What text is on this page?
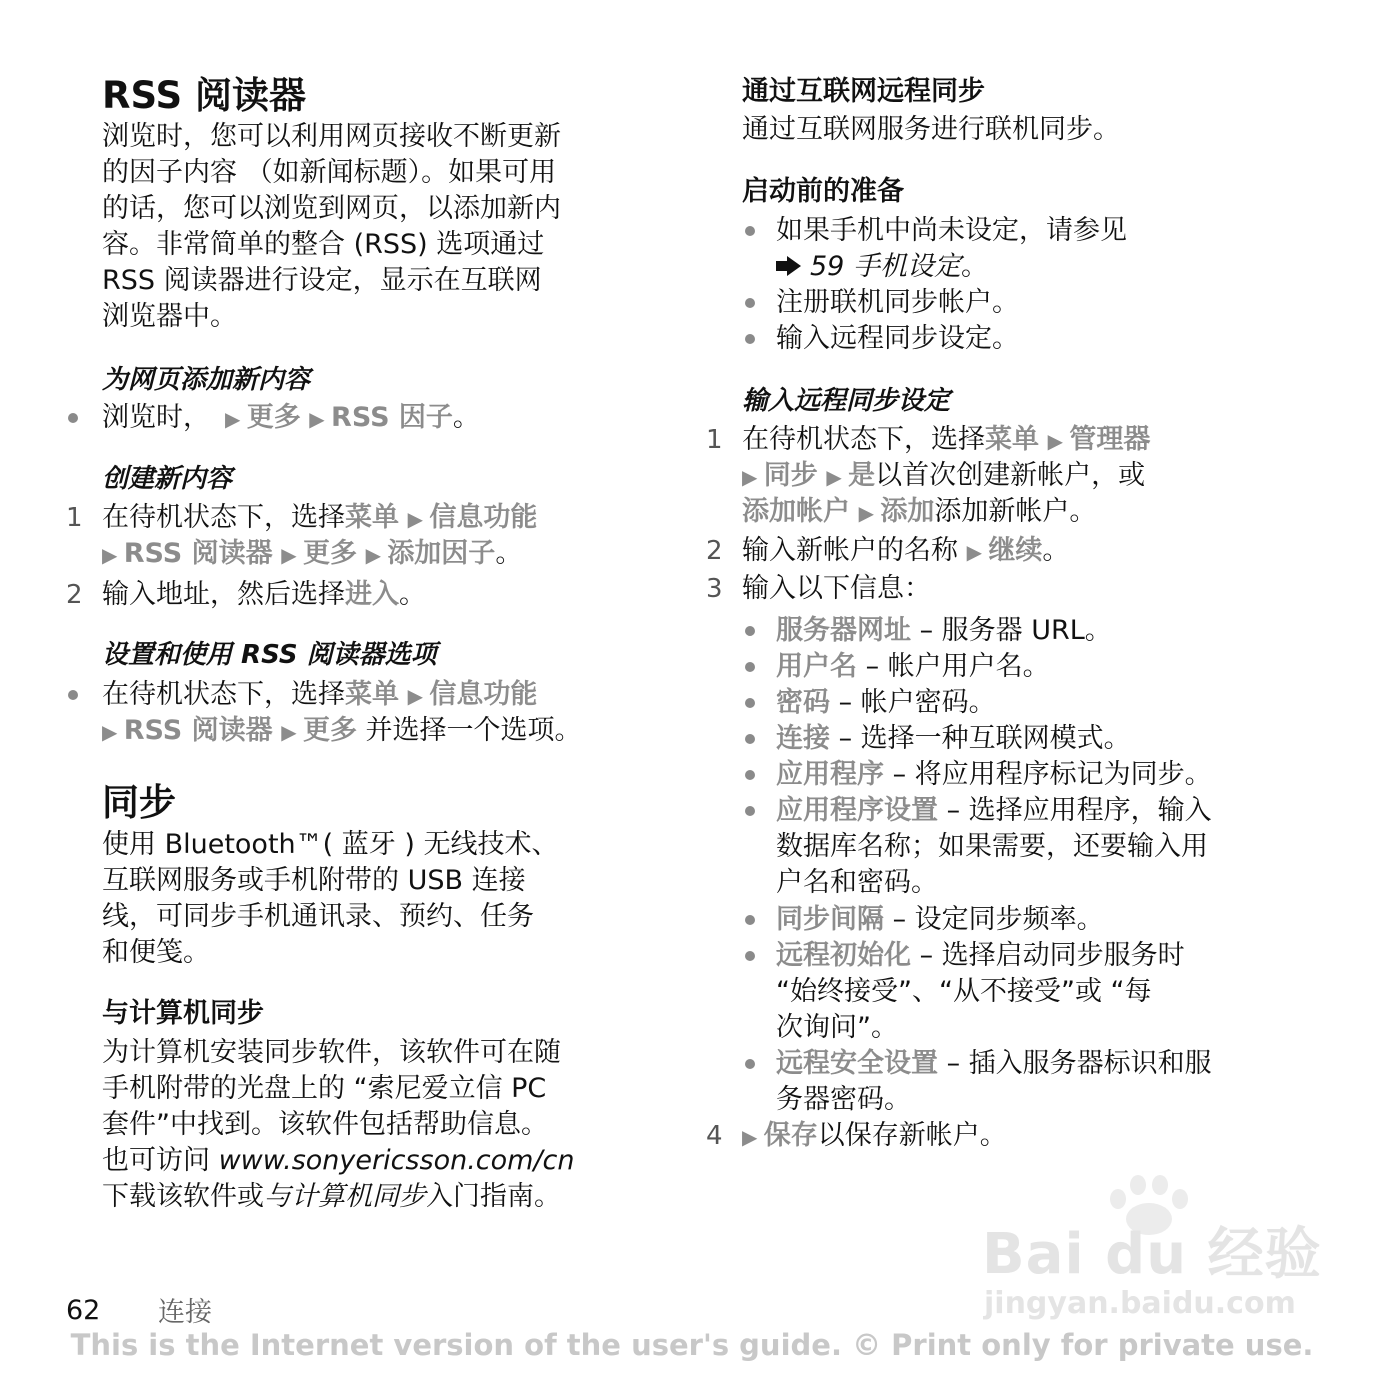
RSS 阅读器
浏览时，您可以利用网页接收不断更新
的因子内容 （如新闻标题）。如果可用
的话，您可以浏览到网页，以添加新内
容。非常简单的整合 (RSS) 选项通过
RSS 阅读器进行设定，显示在互联网
浏览器中。
为网页添加新内容
浏览时，  ▶ 更多 ▶ RSS 因子。
创建新内容
1 在待机状态下，选择菜单 ▶ 信息功能
▶ RSS 阅读器 ▶ 更多 ▶ 添加因子。
2 输入地址，然后选择进入。
设置和使用 RSS 阅读器选项
在待机状态下，选择菜单 ▶ 信息功能
▶ RSS 阅读器 ▶ 更多 并选择一个选项。
同步
使用 Bluetooth™( 蓝牙 ) 无线技术、
互联网服务或手机附带的 USB 连接
线，可同步手机通讯录、预约、任务
和便笺。
与计算机同步
为计算机安装同步软件，该软件可在随
手机附带的光盘上的 “索尼爱立信 PC
套件”中找到。该软件包括帮助信息。
也可访问 www.sonyericsson.com/cn
下载该软件或与计算机同步入门指南。
通过互联网远程同步
通过互联网服务进行联机同步。
启动前的准备
如果手机中尚未设定，请参见
59 手机设定。
注册联机同步帐户。
输入远程同步设定。
输入远程同步设定
1 在待机状态下，选择菜单 ▶ 管理器
▶ 同步 ▶ 是以首次创建新帐户，或
添加帐户 ▶ 添加添加新帐户。
2 输入新帐户的名称 ▶ 继续。
3 输入以下信息：
服务器网址 – 服务器 URL。
用户名 – 帐户用户名。
密码 – 帐户密码。
连接 – 选择一种互联网模式。
应用程序 – 将应用程序标记为同步。
应用程序设置 – 选择应用程序，输入
数据库名称；如果需要，还要输入用
户名和密码。
同步间隔 – 设定同步频率。
远程初始化 – 选择启动同步服务时
“始终接受”、“从不接受”或 “每
次询问”。
远程安全设置 – 插入服务器标识和服
务器密码。
4 ▶ 保存以保存新帐户。
Bai du 经验
jingyan.baidu.com
62 连接
This is the Internet version of the user's guide. © Print only for private use.
